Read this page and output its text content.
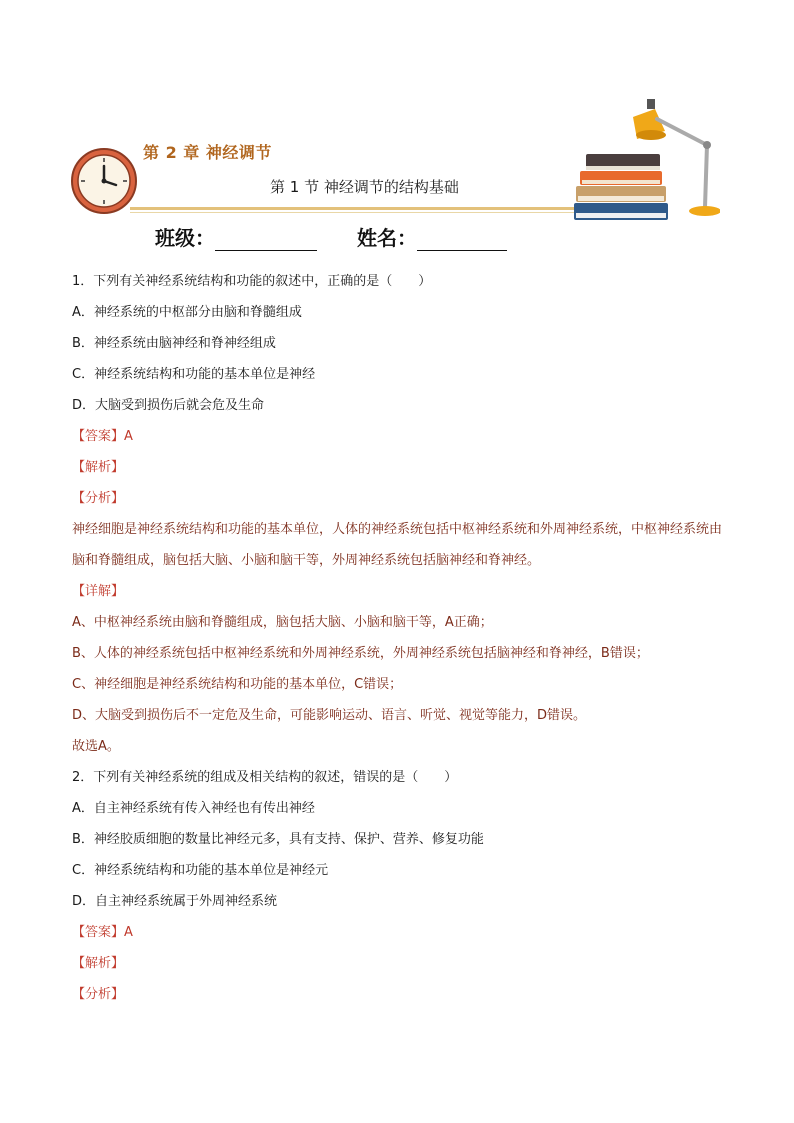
第 2 章 神经调节
第 1 节 神经调节的结构基础
班级：	姓名：

1．下列有关神经系统结构和功能的叙述中，正确的是（　　）

A．神经系统的中枢部分由脑和脊髓组成

B．神经系统由脑神经和脊神经组成

C．神经系统结构和功能的基本单位是神经

D．大脑受到损伤后就会危及生命

【答案】A

【解析】

【分析】

神经细胞是神经系统结构和功能的基本单位，人体的神经系统包括中枢神经系统和外周神经系统，中枢神经系统由脑和脊髓组成，脑包括大脑、小脑和脑干等，外周神经系统包括脑神经和脊神经。

【详解】

A、中枢神经系统由脑和脊髓组成，脑包括大脑、小脑和脑干等，A正确；

B、人体的神经系统包括中枢神经系统和外周神经系统，外周神经系统包括脑神经和脊神经，B错误；

C、神经细胞是神经系统结构和功能的基本单位，C错误；

D、大脑受到损伤后不一定危及生命，可能影响运动、语言、听觉、视觉等能力，D错误。

故选A。

2．下列有关神经系统的组成及相关结构的叙述，错误的是（　　）

A．自主神经系统有传入神经也有传出神经

B．神经胶质细胞的数量比神经元多，具有支持、保护、营养、修复功能

C．神经系统结构和功能的基本单位是神经元

D．自主神经系统属于外周神经系统

【答案】A

【解析】

【分析】
